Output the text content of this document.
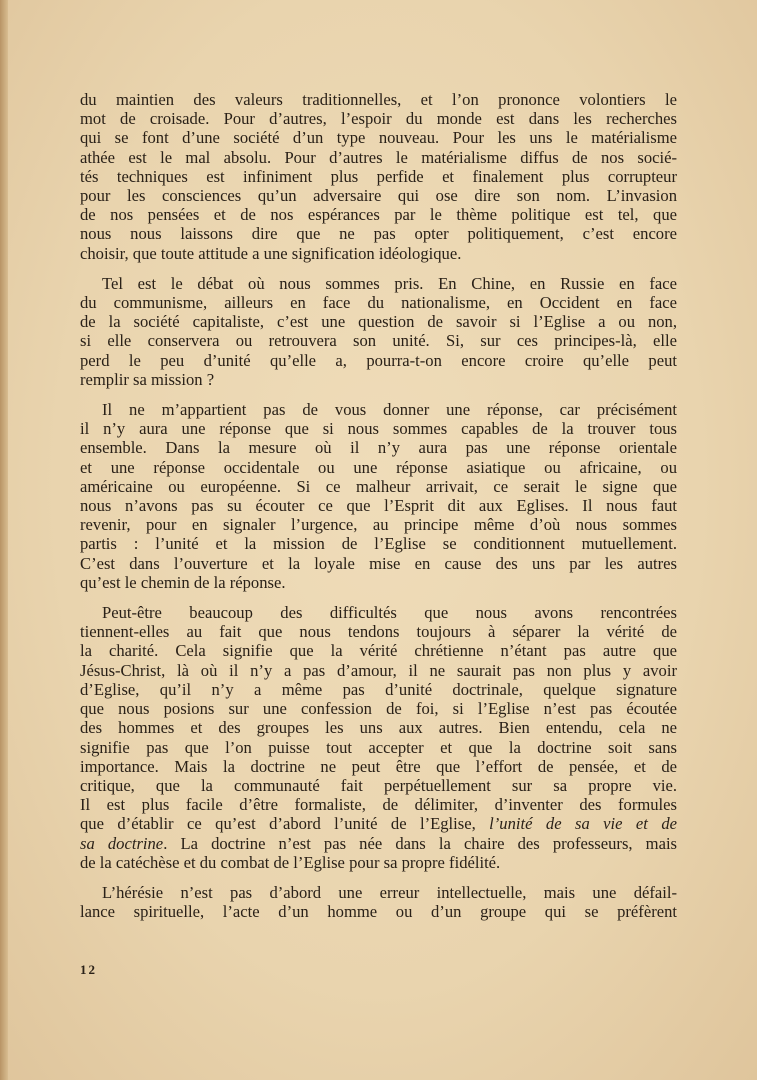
du maintien des valeurs traditionnelles, et l’on prononce volontiers le
mot de croisade. Pour d’autres, l’espoir du monde est dans les recherches
qui se font d’une société d’un type nouveau. Pour les uns le matérialisme
athée est le mal absolu. Pour d’autres le matérialisme diffus de nos socié-
tés techniques est infiniment plus perfide et finalement plus corrupteur
pour les consciences qu’un adversaire qui ose dire son nom. L’invasion
de nos pensées et de nos espérances par le thème politique est tel, que
nous nous laissons dire que ne pas opter politiquement, c’est encore
choisir, que toute attitude a une signification idéologique.

Tel est le débat où nous sommes pris. En Chine, en Russie en face
du communisme, ailleurs en face du nationalisme, en Occident en face
de la société capitaliste, c’est une question de savoir si l’Eglise a ou non,
si elle conservera ou retrouvera son unité. Si, sur ces principes-là, elle
perd le peu d’unité qu’elle a, pourra-t-on encore croire qu’elle peut
remplir sa mission ?

Il ne m’appartient pas de vous donner une réponse, car précisément
il n’y aura une réponse que si nous sommes capables de la trouver tous
ensemble. Dans la mesure où il n’y aura pas une réponse orientale
et une réponse occidentale ou une réponse asiatique ou africaine, ou
américaine ou européenne. Si ce malheur arrivait, ce serait le signe que
nous n’avons pas su écouter ce que l’Esprit dit aux Eglises. Il nous faut
revenir, pour en signaler l’urgence, au principe même d’où nous sommes
partis : l’unité et la mission de l’Eglise se conditionnent mutuellement.
C’est dans l’ouverture et la loyale mise en cause des uns par les autres
qu’est le chemin de la réponse.

Peut-être beaucoup des difficultés que nous avons rencontrées
tiennent-elles au fait que nous tendons toujours à séparer la vérité de
la charité. Cela signifie que la vérité chrétienne n’étant pas autre que
Jésus-Christ, là où il n’y a pas d’amour, il ne saurait pas non plus y avoir
d’Eglise, qu’il n’y a même pas d’unité doctrinale, quelque signature
que nous posions sur une confession de foi, si l’Eglise n’est pas écoutée
des hommes et des groupes les uns aux autres. Bien entendu, cela ne
signifie pas que l’on puisse tout accepter et que la doctrine soit sans
importance. Mais la doctrine ne peut être que l’effort de pensée, et de
critique, que la communauté fait perpétuellement sur sa propre vie.
Il est plus facile d’être formaliste, de délimiter, d’inventer des formules
que d’établir ce qu’est d’abord l’unité de l’Eglise, l’unité de sa vie et de
sa doctrine. La doctrine n’est pas née dans la chaire des professeurs, mais
de la catéchèse et du combat de l’Eglise pour sa propre fidélité.

L’hérésie n’est pas d’abord une erreur intellectuelle, mais une défail-
lance spirituelle, l’acte d’un homme ou d’un groupe qui se préfèrent

12
